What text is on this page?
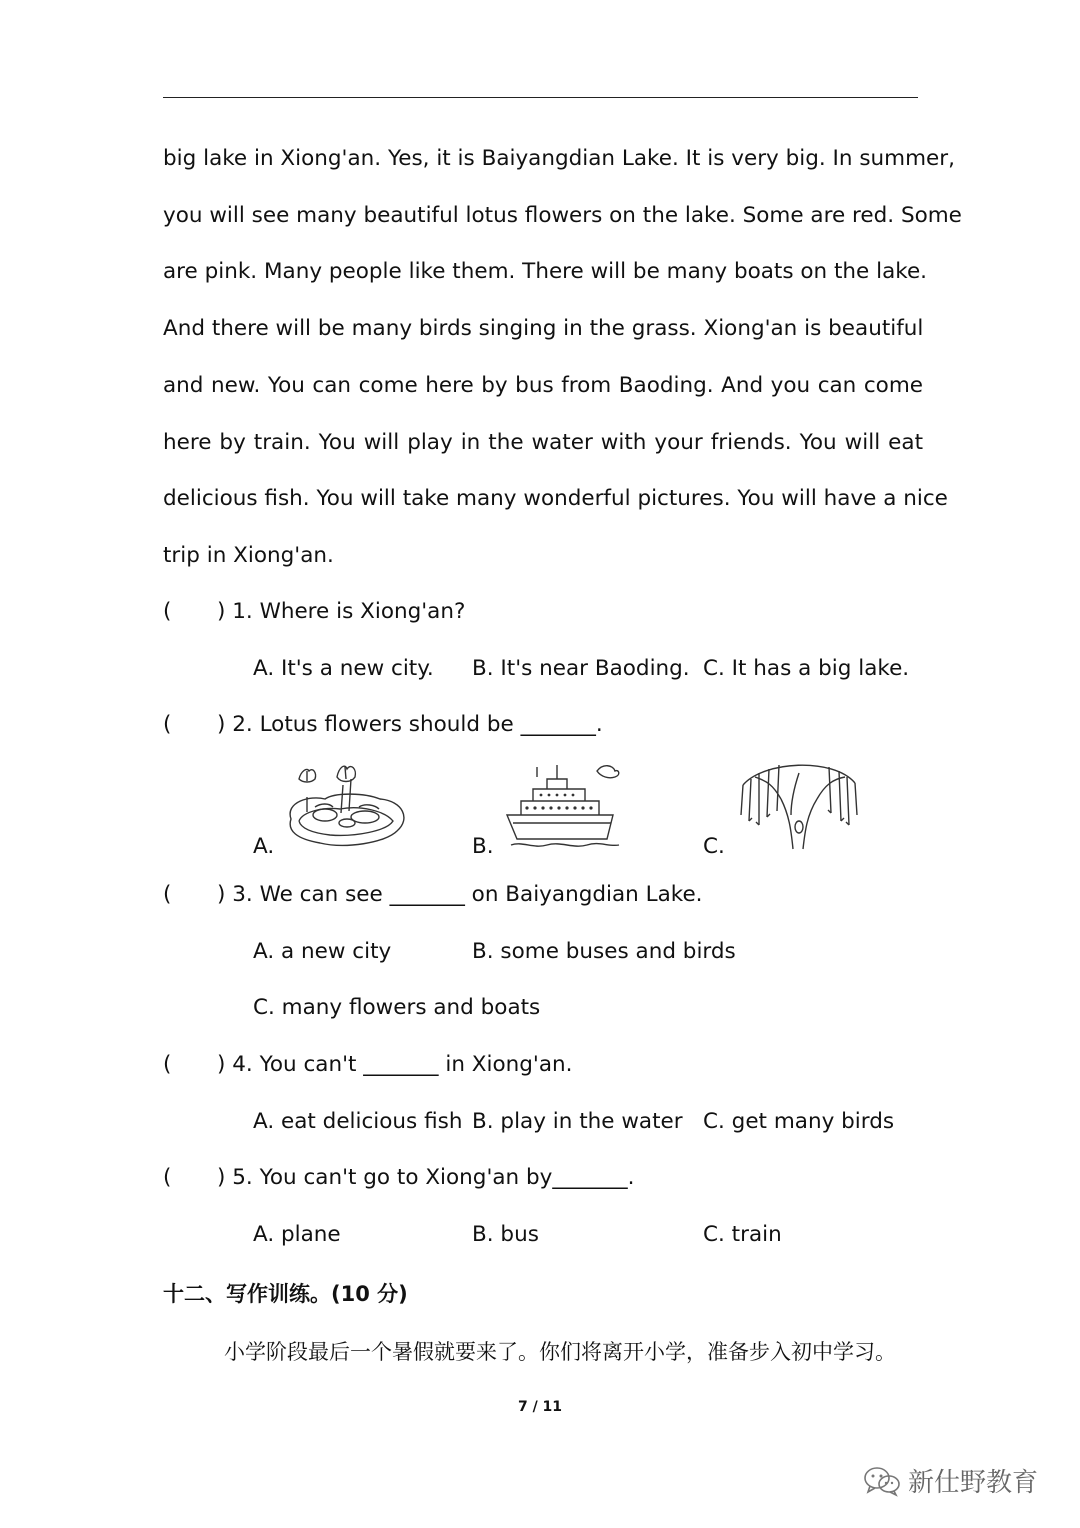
big lake in Xiong'an. Yes, it is Baiyangdian Lake. It is very big. In summer,
you will see many beautiful lotus flowers on the lake. Some are red. Some
are pink. Many people like them. There will be many boats on the lake.
And there will be many birds singing in the grass. Xiong'an is beautiful
and new. You can come here by bus from Baoding. And you can come
here by train. You will play in the water with your friends. You will eat
delicious fish. You will take many wonderful pictures. You will have a nice
trip in Xiong'an.
( ) 1. Where is Xiong'an?
A. It's a new city. B. It's near Baoding. C. It has a big lake.
( ) 2. Lotus flowers should be _______.
A.	B.	C.
( ) 3. We can see _______ on Baiyangdian Lake.
A. a new city	B. some buses and birds
C. many flowers and boats
( ) 4. You can't _______ in Xiong'an.
A. eat delicious fish B. play in the water C. get many birds
( ) 5. You can't go to Xiong'an by_______.
A. plane	B. bus	C. train
十二、写作训练。(10 分)
小学阶段最后一个暑假就要来了。你们将离开小学，准备步入初中学习。
7 / 11
新仕野教育
